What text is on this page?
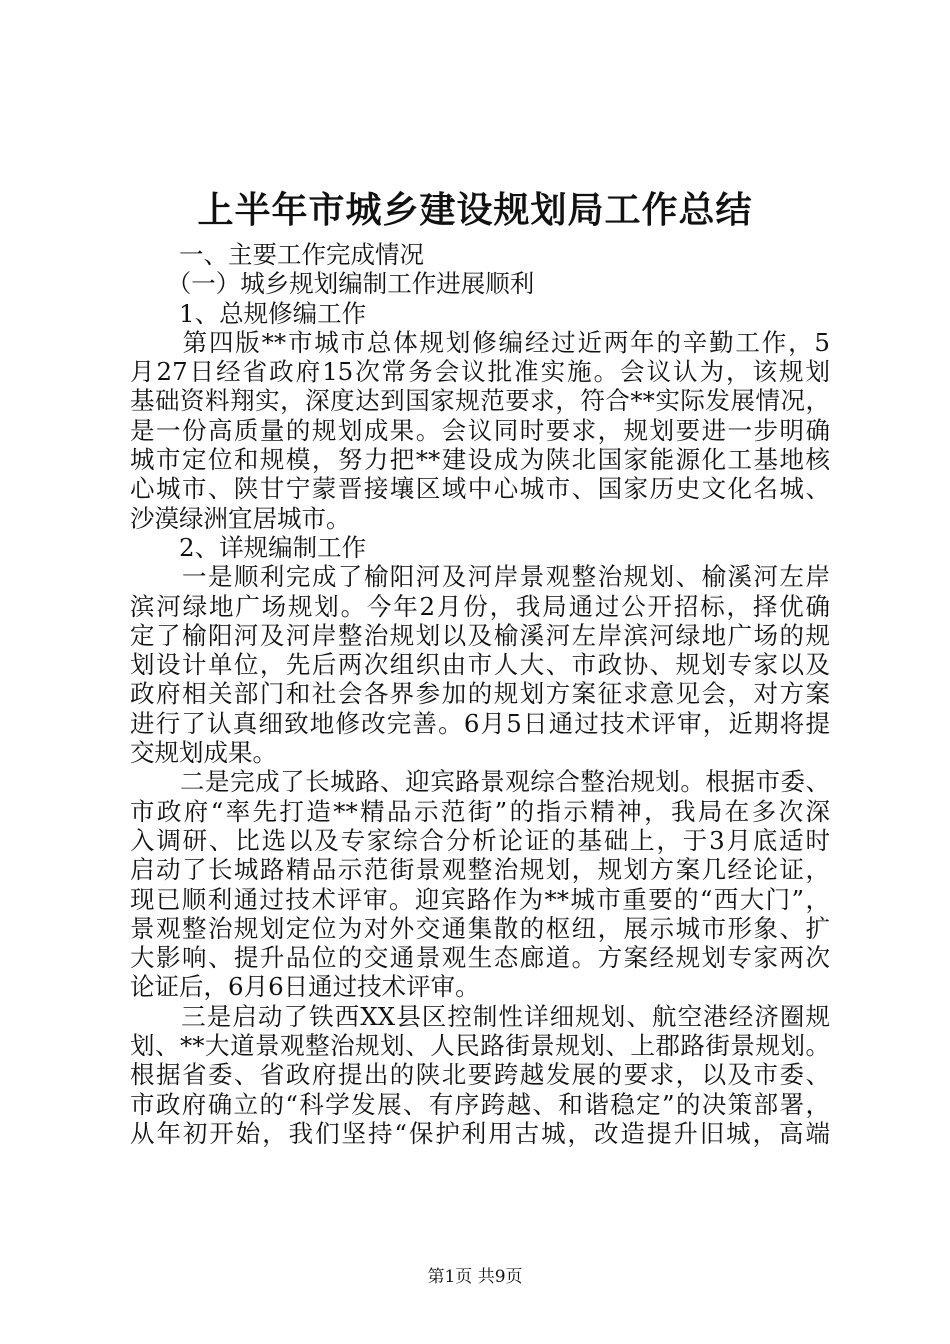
上半年市城乡建设规划局工作总结
　　一、主要工作完成情况
　　（一）城乡规划编制工作进展顺利
　　1、总规修编工作
　　第四版**市城市总体规划修编经过近两年的辛勤工作，5
月27日经省政府15次常务会议批准实施。会议认为，该规划
基础资料翔实，深度达到国家规范要求，符合**实际发展情况，
是一份高质量的规划成果。会议同时要求，规划要进一步明确
城市定位和规模，努力把**建设成为陕北国家能源化工基地核
心城市、陕甘宁蒙晋接壤区域中心城市、国家历史文化名城、
沙漠绿洲宜居城市。
　　2、详规编制工作
　　一是顺利完成了榆阳河及河岸景观整治规划、榆溪河左岸
滨河绿地广场规划。今年2月份，我局通过公开招标，择优确
定了榆阳河及河岸整治规划以及榆溪河左岸滨河绿地广场的规
划设计单位，先后两次组织由市人大、市政协、规划专家以及
政府相关部门和社会各界参加的规划方案征求意见会，对方案
进行了认真细致地修改完善。6月5日通过技术评审，近期将提
交规划成果。
　　二是完成了长城路、迎宾路景观综合整治规划。根据市委、
市政府“率先打造**精品示范街”的指示精神，我局在多次深
入调研、比选以及专家综合分析论证的基础上，于3月底适时
启动了长城路精品示范街景观整治规划，规划方案几经论证，
现已顺利通过技术评审。迎宾路作为**城市重要的“西大门”，
景观整治规划定位为对外交通集散的枢纽，展示城市形象、扩
大影响、提升品位的交通景观生态廊道。方案经规划专家两次
论证后，6月6日通过技术评审。
　　三是启动了铁西XX县区控制性详细规划、航空港经济圈规
划、**大道景观整治规划、人民路街景规划、上郡路街景规划。
根据省委、省政府提出的陕北要跨越发展的要求，以及市委、
市政府确立的“科学发展、有序跨越、和谐稳定”的决策部署，
从年初开始，我们坚持“保护利用古城，改造提升旧城，高端
第1页 共9页
